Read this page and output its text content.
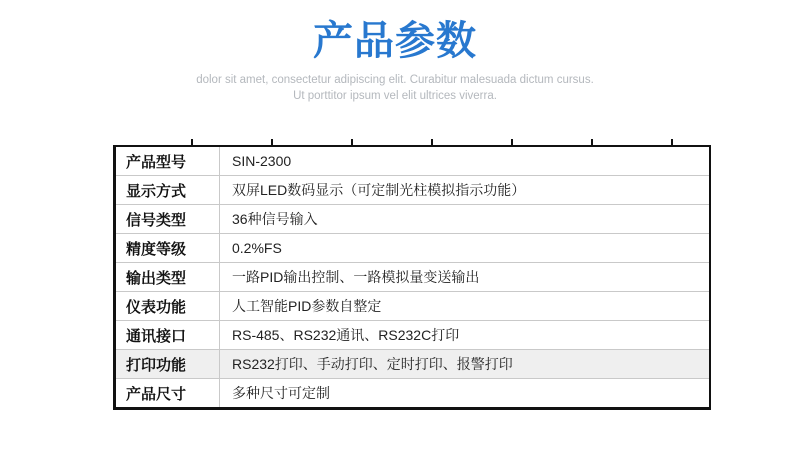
产品参数

dolor sit amet, consectetur adipiscing elit. Curabitur malesuada dictum cursus.
Ut porttitor ipsum vel elit ultrices viverra.

产品型号	SIN-2300
显示方式	双屏LED数码显示（可定制光柱模拟指示功能）
信号类型	36种信号输入
精度等级	0.2%FS
输出类型	一路PID输出控制、一路模拟量变送输出
仪表功能	人工智能PID参数自整定
通讯接口	RS-485、RS232通讯、RS232C打印
打印功能	RS232打印、手动打印、定时打印、报警打印
产品尺寸	多种尺寸可定制
